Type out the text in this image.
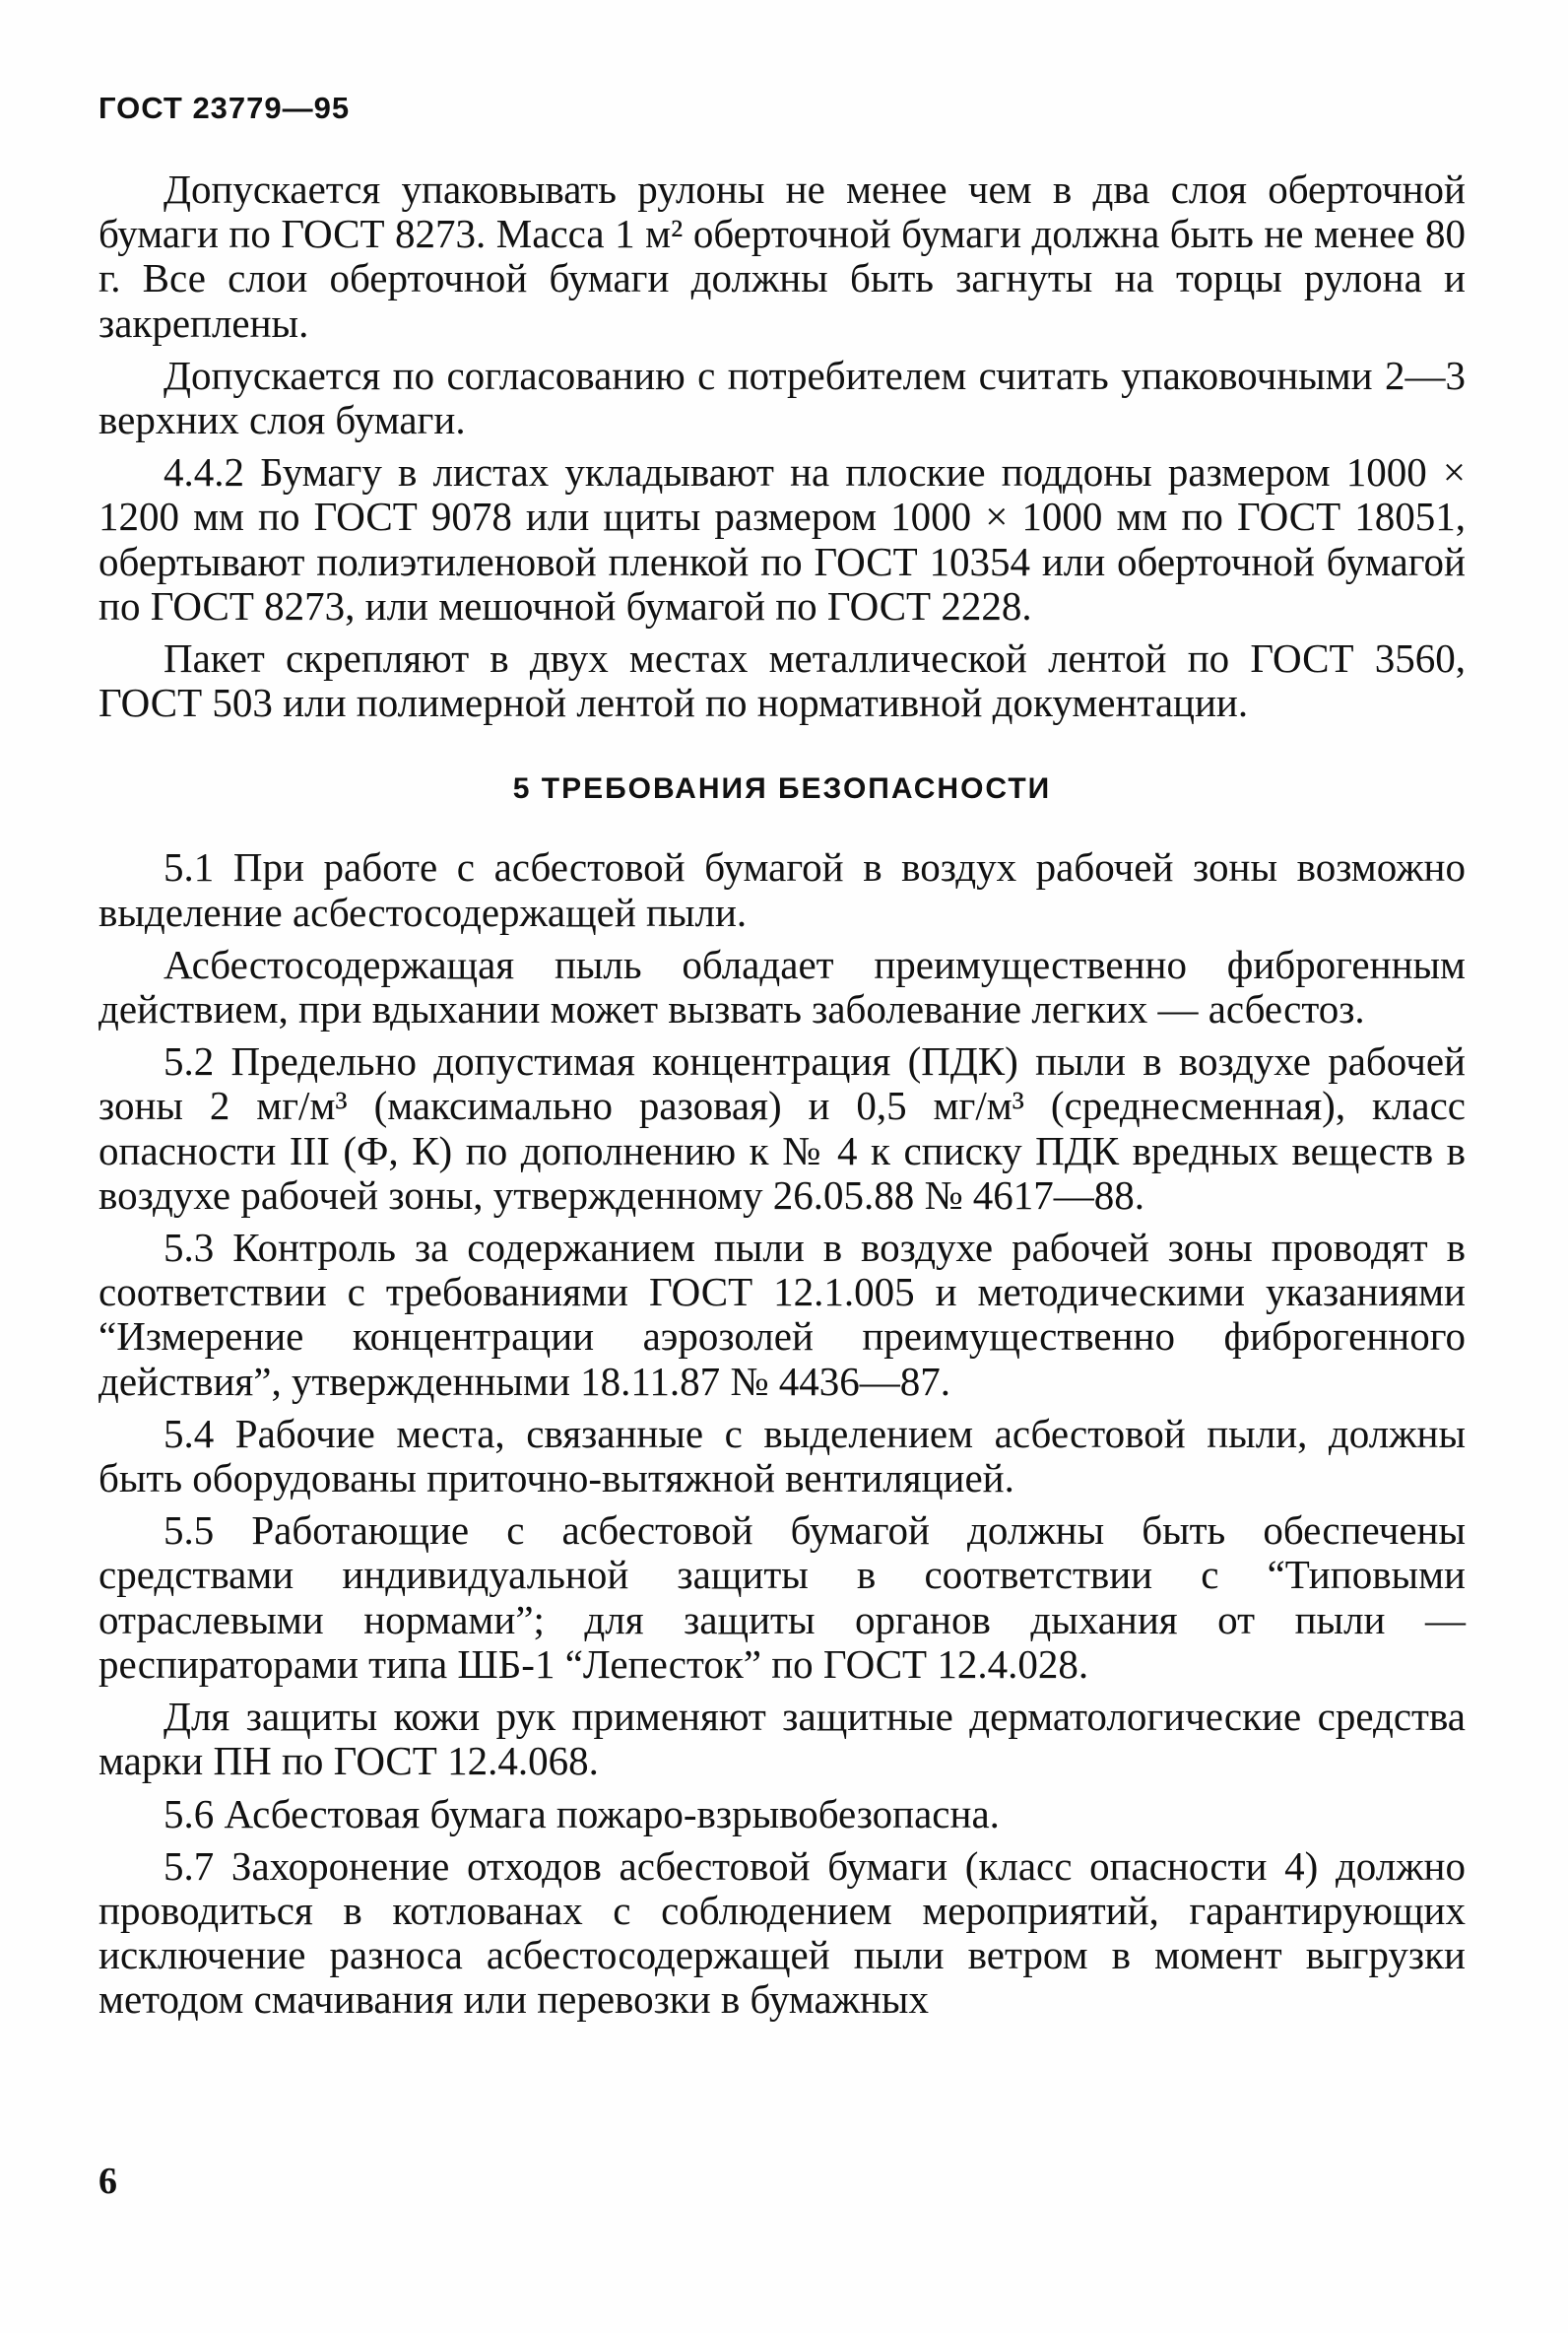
ГОСТ 23779—95

Допускается упаковывать рулоны не менее чем в два слоя оберточной бумаги по ГОСТ 8273. Масса 1 м² оберточной бумаги должна быть не менее 80 г. Все слои оберточной бумаги должны быть загнуты на торцы рулона и закреплены.

Допускается по согласованию с потребителем считать упаковочными 2—3 верхних слоя бумаги.

4.4.2 Бумагу в листах укладывают на плоские поддоны размером 1000 × 1200 мм по ГОСТ 9078 или щиты размером 1000 × 1000 мм по ГОСТ 18051, обертывают полиэтиленовой пленкой по ГОСТ 10354 или оберточной бумагой по ГОСТ 8273, или мешочной бумагой по ГОСТ 2228.

Пакет скрепляют в двух местах металлической лентой по ГОСТ 3560, ГОСТ 503 или полимерной лентой по нормативной документации.

5 ТРЕБОВАНИЯ БЕЗОПАСНОСТИ

5.1 При работе с асбестовой бумагой в воздух рабочей зоны возможно выделение асбестосодержащей пыли.

Асбестосодержащая пыль обладает преимущественно фиброгенным действием, при вдыхании может вызвать заболевание легких — асбестоз.

5.2 Предельно допустимая концентрация (ПДК) пыли в воздухе рабочей зоны 2 мг/м³ (максимально разовая) и 0,5 мг/м³ (среднесменная), класс опасности III (Ф, К) по дополнению к № 4 к списку ПДК вредных веществ в воздухе рабочей зоны, утвержденному 26.05.88 № 4617—88.

5.3 Контроль за содержанием пыли в воздухе рабочей зоны проводят в соответствии с требованиями ГОСТ 12.1.005 и методическими указаниями “Измерение концентрации аэрозолей преимущественно фиброгенного действия”, утвержденными 18.11.87 № 4436—87.

5.4 Рабочие места, связанные с выделением асбестовой пыли, должны быть оборудованы приточно-вытяжной вентиляцией.

5.5 Работающие с асбестовой бумагой должны быть обеспечены средствами индивидуальной защиты в соответствии с “Типовыми отраслевыми нормами”; для защиты органов дыхания от пыли — респираторами типа ШБ-1 “Лепесток” по ГОСТ 12.4.028.

Для защиты кожи рук применяют защитные дерматологические средства марки ПН по ГОСТ 12.4.068.

5.6 Асбестовая бумага пожаро-взрывобезопасна.

5.7 Захоронение отходов асбестовой бумаги (класс опасности 4) должно проводиться в котлованах с соблюдением мероприятий, гарантирующих исключение разноса асбестосодержащей пыли ветром в момент выгрузки методом смачивания или перевозки в бумажных

6
